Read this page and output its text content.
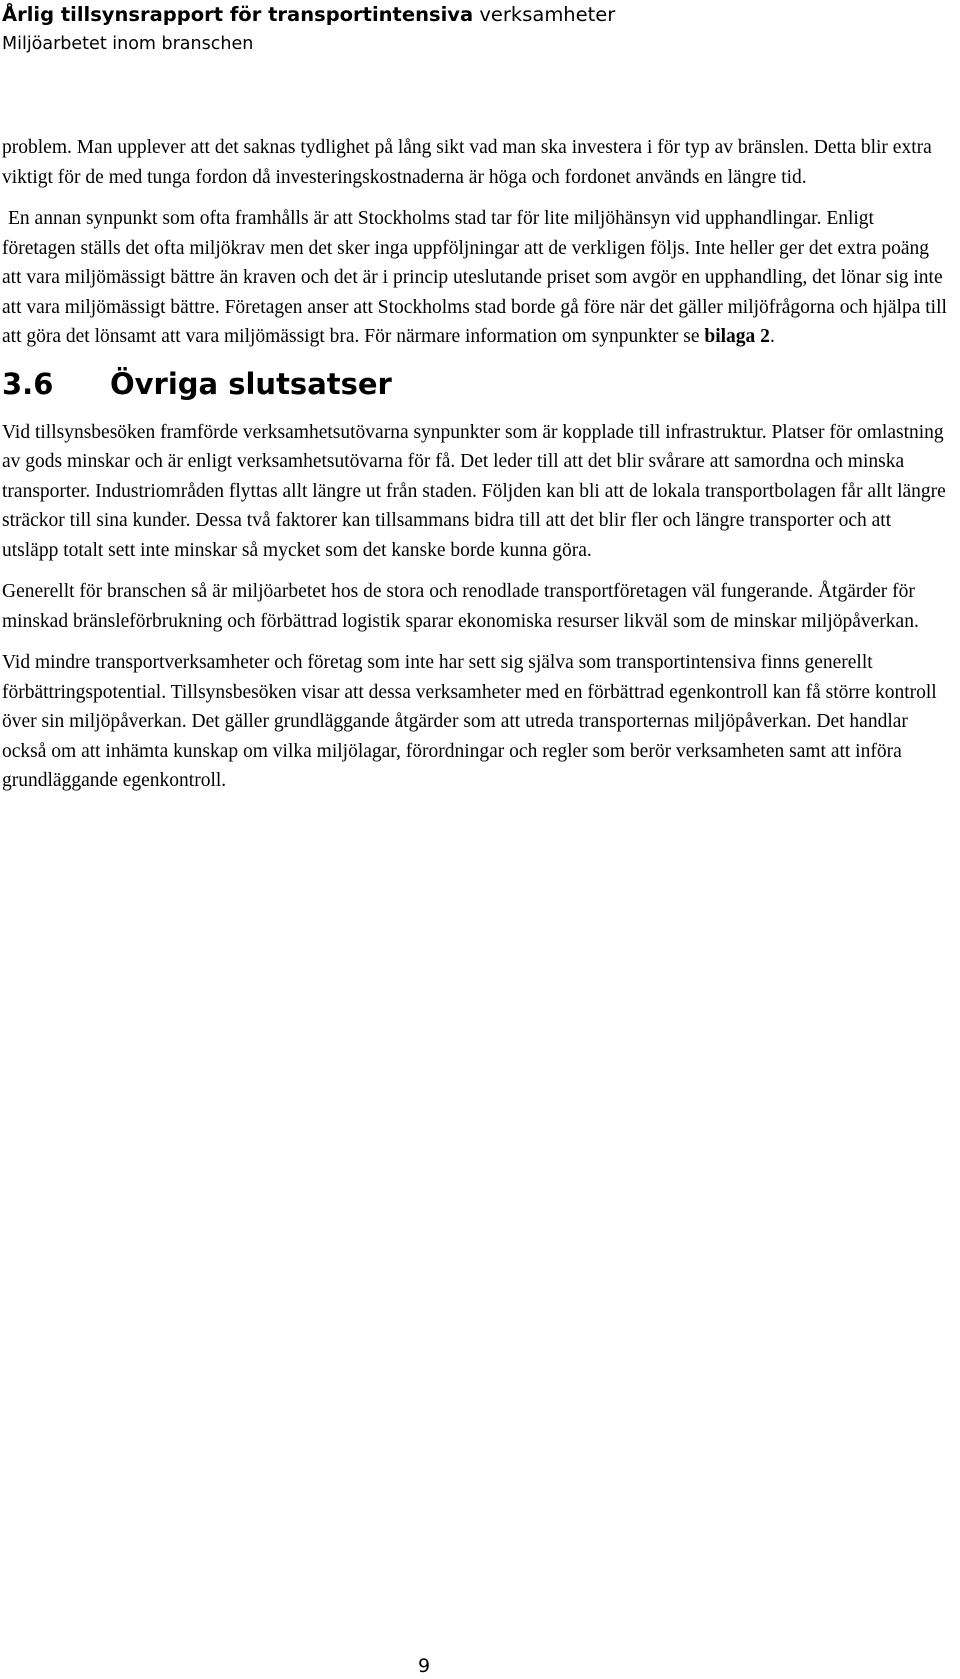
Årlig tillsynsrapport för transportintensiva verksamheter
Miljöarbetet inom branschen

problem. Man upplever att det saknas tydlighet på lång sikt vad man ska investera i för typ av bränslen. Detta blir extra viktigt för de med tunga fordon då investeringskostnaderna är höga och fordonet används en längre tid.

En annan synpunkt som ofta framhålls är att Stockholms stad tar för lite miljöhänsyn vid upphandlingar. Enligt företagen ställs det ofta miljökrav men det sker inga uppföljningar att de verkligen följs. Inte heller ger det extra poäng att vara miljömässigt bättre än kraven och det är i princip uteslutande priset som avgör en upphandling, det lönar sig inte att vara miljömässigt bättre. Företagen anser att Stockholms stad borde gå före när det gäller miljöfrågorna och hjälpa till att göra det lönsamt att vara miljömässigt bra. För närmare information om synpunkter se bilaga 2.

3.6 Övriga slutsatser

Vid tillsynsbesöken framförde verksamhetsutövarna synpunkter som är kopplade till infrastruktur. Platser för omlastning av gods minskar och är enligt verksamhetsutövarna för få. Det leder till att det blir svårare att samordna och minska transporter. Industriområden flyttas allt längre ut från staden. Följden kan bli att de lokala transportbolagen får allt längre sträckor till sina kunder. Dessa två faktorer kan tillsammans bidra till att det blir fler och längre transporter och att utsläpp totalt sett inte minskar så mycket som det kanske borde kunna göra.

Generellt för branschen så är miljöarbetet hos de stora och renodlade transportföretagen väl fungerande. Åtgärder för minskad bränsleförbrukning och förbättrad logistik sparar ekonomiska resurser likväl som de minskar miljöpåverkan.

Vid mindre transportverksamheter och företag som inte har sett sig själva som transportintensiva finns generellt förbättringspotential. Tillsynsbesöken visar att dessa verksamheter med en förbättrad egenkontroll kan få större kontroll över sin miljöpåverkan. Det gäller grundläggande åtgärder som att utreda transporternas miljöpåverkan. Det handlar också om att inhämta kunskap om vilka miljölagar, förordningar och regler som berör verksamheten samt att införa grundläggande egenkontroll.

9
